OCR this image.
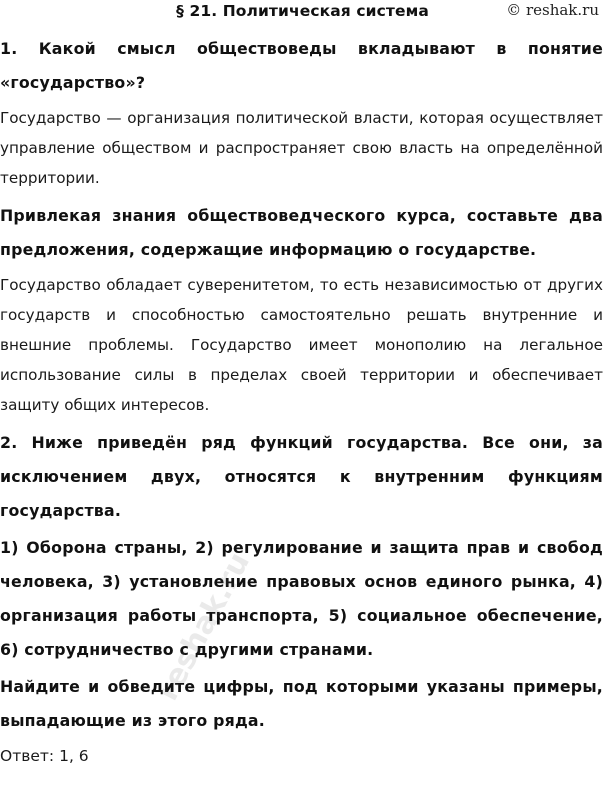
§ 21. Политическая система	© reshak.ru

1. Какой смысл обществоведы вкладывают в понятие «государство»?

Государство — организация политической власти, которая осуществляет управление обществом и распространяет свою власть на определённой территории.

Привлекая знания обществоведческого курса, составьте два предложения, содержащие информацию о государстве.

Государство обладает суверенитетом, то есть независимостью от других государств и способностью самостоятельно решать внутренние и внешние проблемы. Государство имеет монополию на легальное использование силы в пределах своей территории и обеспечивает защиту общих интересов.

2. Ниже приведён ряд функций государства. Все они, за исключением двух, относятся к внутренним функциям государства.

1) Оборона страны, 2) регулирование и защита прав и свобод человека, 3) установление правовых основ единого рынка, 4) организация работы транспорта, 5) социальное обеспечение, 6) сотрудничество с другими странами.

Найдите и обведите цифры, под которыми указаны примеры, выпадающие из этого ряда.

Ответ: 1, 6

reshak.ru
